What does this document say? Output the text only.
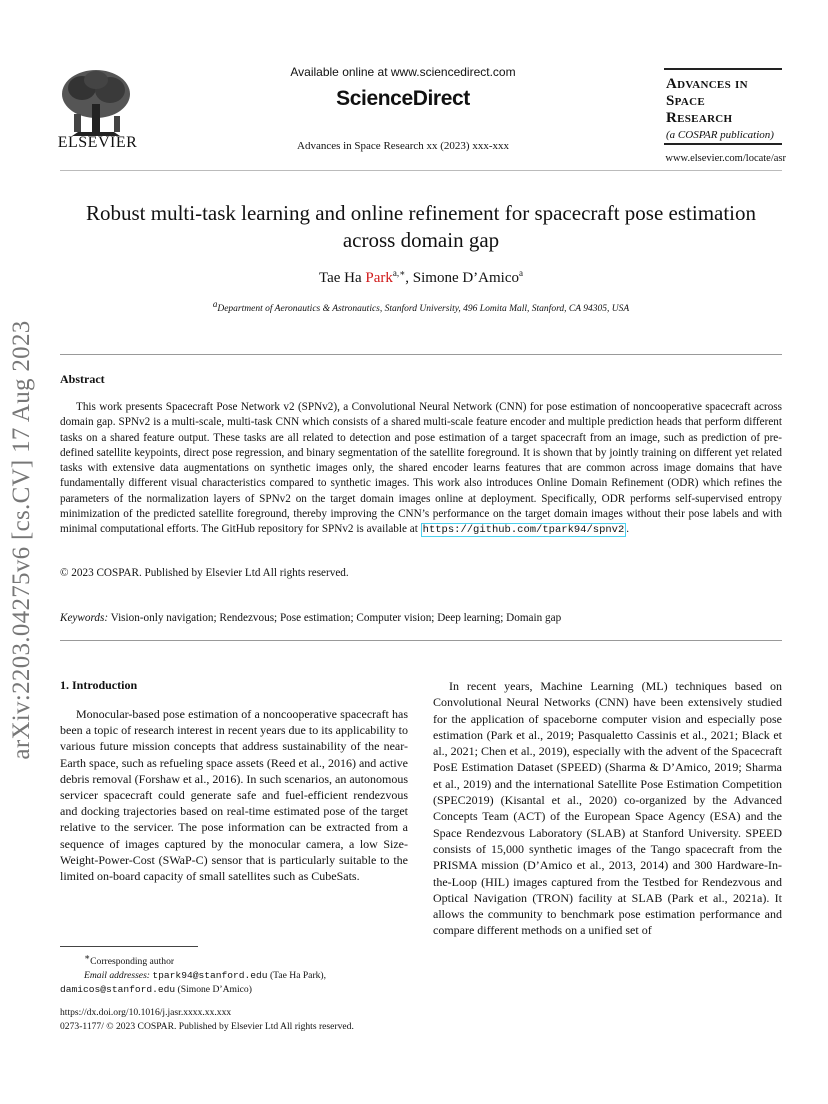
ELSEVIER
Available online at www.sciencedirect.com
ScienceDirect
Advances in Space Research xx (2023) xxx-xxx
Advances in
Space
Research
(a COSPAR publication)
www.elsevier.com/locate/asr
arXiv:2203.04275v6 [cs.CV] 17 Aug 2023
Robust multi-task learning and online refinement for spacecraft pose estimation across domain gap
Tae Ha Park$^{a,∗}$, Simone D’Amico$^a$
$^a$Department of Aeronautics & Astronautics, Stanford University, 496 Lomita Mall, Stanford, CA 94305, USA
Abstract
This work presents Spacecraft Pose Network v2 (SPNv2), a Convolutional Neural Network (CNN) for pose estimation of noncooperative spacecraft across domain gap. SPNv2 is a multi-scale, multi-task CNN which consists of a shared multi-scale feature encoder and multiple prediction heads that perform different tasks on a shared feature output. These tasks are all related to detection and pose estimation of a target spacecraft from an image, such as prediction of pre-defined satellite keypoints, direct pose regression, and binary segmentation of the satellite foreground. It is shown that by jointly training on different yet related tasks with extensive data augmentations on synthetic images only, the shared encoder learns features that are common across image domains that have fundamentally different visual characteristics compared to synthetic images. This work also introduces Online Domain Refinement (ODR) which refines the parameters of the normalization layers of SPNv2 on the target domain images online at deployment. Specifically, ODR performs self-supervised entropy minimization of the predicted satellite foreground, thereby improving the CNN’s performance on the target domain images without their pose labels and with minimal computational efforts. The GitHub repository for SPNv2 is available at https://github.com/tpark94/spnv2 .
© 2023 COSPAR. Published by Elsevier Ltd All rights reserved.
Keywords: Vision-only navigation; Rendezvous; Pose estimation; Computer vision; Deep learning; Domain gap
1. Introduction
Monocular-based pose estimation of a noncooperative spacecraft has been a topic of research interest in recent years due to its applicability to various future mission concepts that address sustainability of the near-Earth space, such as refueling space assets (Reed et al., 2016) and active debris removal (Forshaw et al., 2016). In such scenarios, an autonomous servicer spacecraft could generate safe and fuel-efficient rendezvous and docking trajectories based on real-time estimated pose of the target relative to the servicer. The pose information can be extracted from a sequence of images captured by the monocular camera, a low Size-Weight-Power-Cost (SWaP-C) sensor that is particularly suitable to the limited on-board capacity of small satellites such as CubeSats.
In recent years, Machine Learning (ML) techniques based on Convolutional Neural Networks (CNN) have been extensively studied for the application of spaceborne computer vision and especially pose estimation (Park et al., 2019; Pasqualetto Cassinis et al., 2021; Black et al., 2021; Chen et al., 2019), especially with the advent of the Spacecraft PosE Estimation Dataset (SPEED) (Sharma & D’Amico, 2019; Sharma et al., 2019) and the international Satellite Pose Estimation Competition (SPEC2019) (Kisantal et al., 2020) co-organized by the Advanced Concepts Team (ACT) of the European Space Agency (ESA) and the Space Rendezvous Laboratory (SLAB) at Stanford University. SPEED consists of 15,000 synthetic images of the Tango spacecraft from the PRISMA mission (D’Amico et al., 2013, 2014) and 300 Hardware-In-the-Loop (HIL) images captured from the Testbed for Rendezvous and Optical Navigation (TRON) facility at SLAB (Park et al., 2021a). It allows the community to benchmark pose estimation performance and compare different methods on a unified set of
∗Corresponding author
Email addresses: tpark94@stanford.edu (Tae Ha Park),
damicos@stanford.edu (Simone D’Amico)
https://dx.doi.org/10.1016/j.jasr.xxxx.xx.xxx
0273-1177/ © 2023 COSPAR. Published by Elsevier Ltd All rights reserved.
